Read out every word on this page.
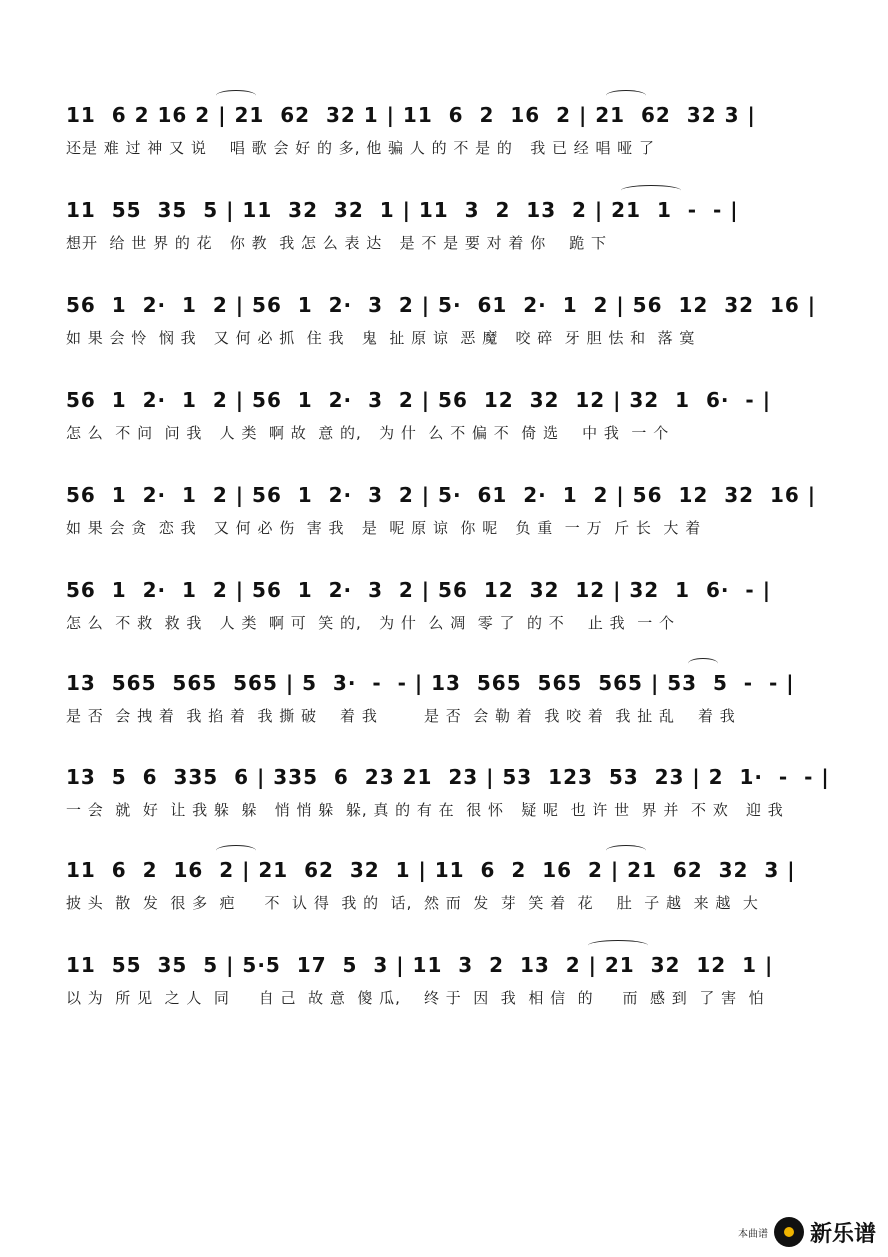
11  6 2 16 2 | 21  62  32 1 | 11  6  2  16  2 | 21  62  32 3 |
还是 难 过 神 又 说    唱 歌 会 好 的 多, 他 骗 人 的 不 是 的   我 已 经 唱 哑 了
11  55  35  5 | 11  32  32  1 | 11  3  2  13  2 | 21  1  -  - |
想开  给 世 界 的 花   你 教  我 怎 么 表 达   是 不 是 要 对 着 你    跪 下
56  1  2·  1  2 | 56  1  2·  3  2 | 5·  61  2·  1  2 | 56  12  32  16 |
如 果 会 怜  悯 我   又 何 必 抓  住 我   鬼  扯 原 谅  恶 魔   咬 碎  牙 胆 怯 和  落 寞
56  1  2·  1  2 | 56  1  2·  3  2 | 56  12  32  12 | 32  1  6·  - |
怎 么  不 问  问 我   人 类  啊 故  意 的,   为 什  么 不 偏 不  倚 选    中 我  一 个
56  1  2·  1  2 | 56  1  2·  3  2 | 5·  61  2·  1  2 | 56  12  32  16 |
如 果 会 贪  恋 我   又 何 必 伤  害 我   是  呢 原 谅  你 呢   负 重  一 万  斤 长  大 着
56  1  2·  1  2 | 56  1  2·  3  2 | 56  12  32  12 | 32  1  6·  - |
怎 么  不 救  救 我   人 类  啊 可  笑 的,   为 什  么 凋  零 了  的 不    止 我  一 个
13  565  565  565 | 5  3·  -  - | 13  565  565  565 | 53  5  -  - |
是 否  会 拽 着  我 掐 着  我 撕 破    着 我        是 否  会 勒 着  我 咬 着  我 扯 乱    着 我
13  5  6  335  6 | 335  6  23 21  23 | 53  123  53  23 | 2  1·  -  - |
一 会  就  好  让 我 躲  躲   悄 悄 躲  躲, 真 的 有 在  很 怀   疑 呢  也 许 世  界 并  不 欢   迎 我
11  6  2  16  2 | 21  62  32  1 | 11  6  2  16  2 | 21  62  32  3 |
披 头  散  发  很 多  疤     不  认 得  我 的  话,  然 而  发  芽  笑 着  花    肚  子 越  来 越  大
11  55  35  5 | 5·5  17  5  3 | 11  3  2  13  2 | 21  32  12  1 |
以 为  所 见  之 人  同     自 己  故 意  傻 瓜,    终 于  因  我  相 信  的     而  感 到  了 害  怕
本曲谱 新乐谱
